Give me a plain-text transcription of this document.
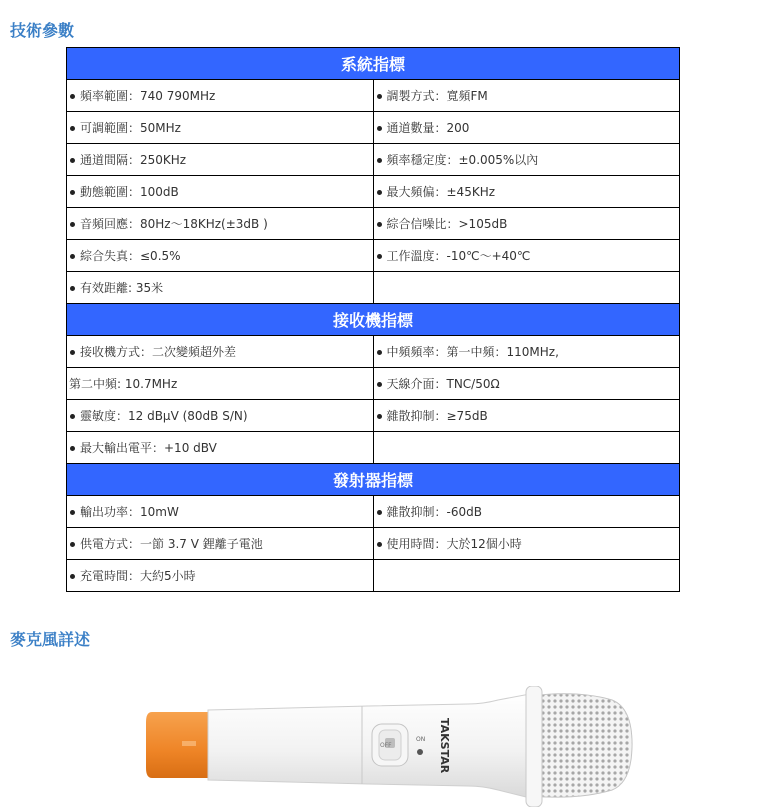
技術參數
系統指標	
頻率範圍：740 790MHz	調製方式：寬頻FM
可調範圍：50MHz	通道數量：200
通道間隔：250KHz	頻率穩定度：±0.005%以內
動態範圍：100dB	最大頻偏：±45KHz
音頻回應：80Hz～18KHz(±3dB )	綜合信噪比：>105dB
綜合失真：≤0.5%	工作溫度：-10℃～+40℃
有效距離: 35米	
接收機指標	
接收機方式：二次變頻超外差	中頻頻率：第一中頻：110MHz,
第二中頻: 10.7MHz	天線介面：TNC/50Ω
靈敏度：12 dBμV (80dB S/N)	雜散抑制：≥75dB
最大輸出電平：+10 dBV	
發射器指標	
輸出功率：10mW	雜散抑制：-60dB
供電方式：一節 3.7 V 鋰離子電池	使用時間：大於12個小時
充電時間：大約5小時	
麥克風詳述
ON
OFF	TAKSTAR
